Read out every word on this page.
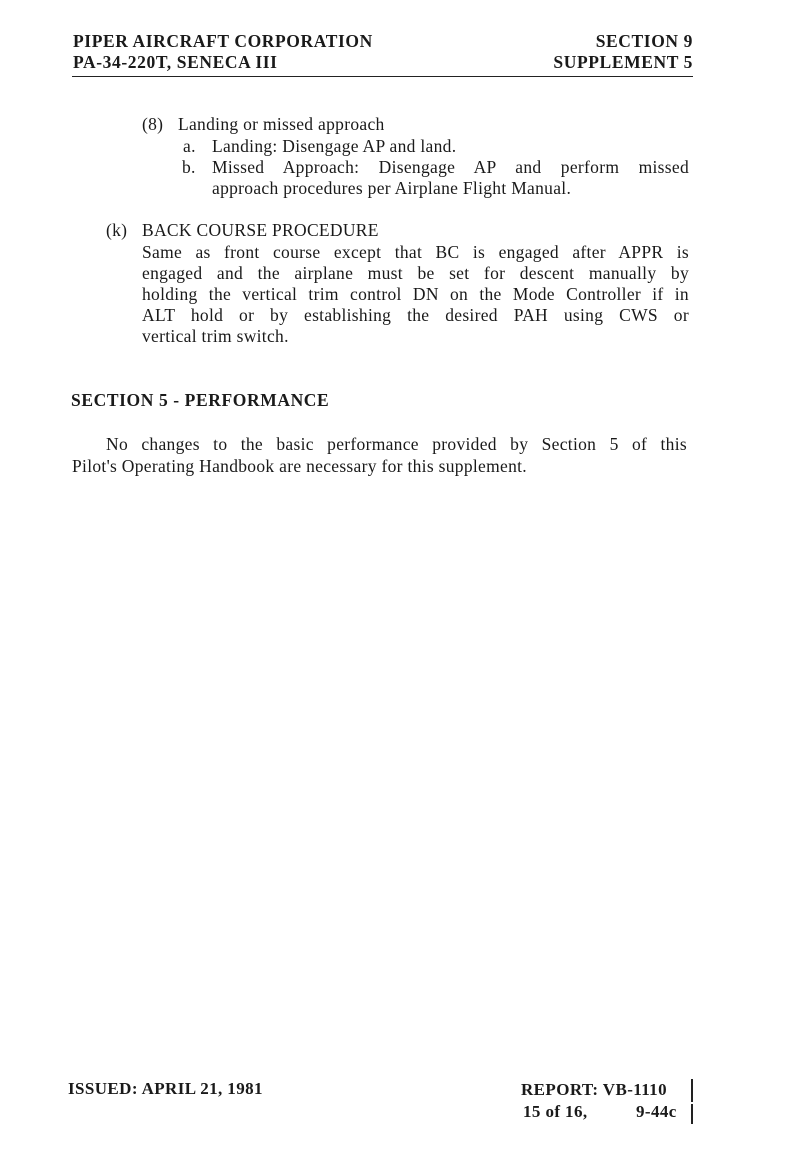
PIPER AIRCRAFT CORPORATION
PA-34-220T, SENECA III
SECTION 9
SUPPLEMENT 5
(8) Landing or missed approach
a. Landing: Disengage AP and land.
b. Missed Approach: Disengage AP and perform missed
approach procedures per Airplane Flight Manual.
(k) BACK COURSE PROCEDURE
Same as front course except that BC is engaged after APPR is
engaged and the airplane must be set for descent manually by
holding the vertical trim control DN on the Mode Controller if in
ALT hold or by establishing the desired PAH using CWS or
vertical trim switch.
SECTION 5 - PERFORMANCE
No changes to the basic performance provided by Section 5 of this
Pilot's Operating Handbook are necessary for this supplement.
ISSUED: APRIL 21, 1981	REPORT: VB-1110
15 of 16,	9-44c
